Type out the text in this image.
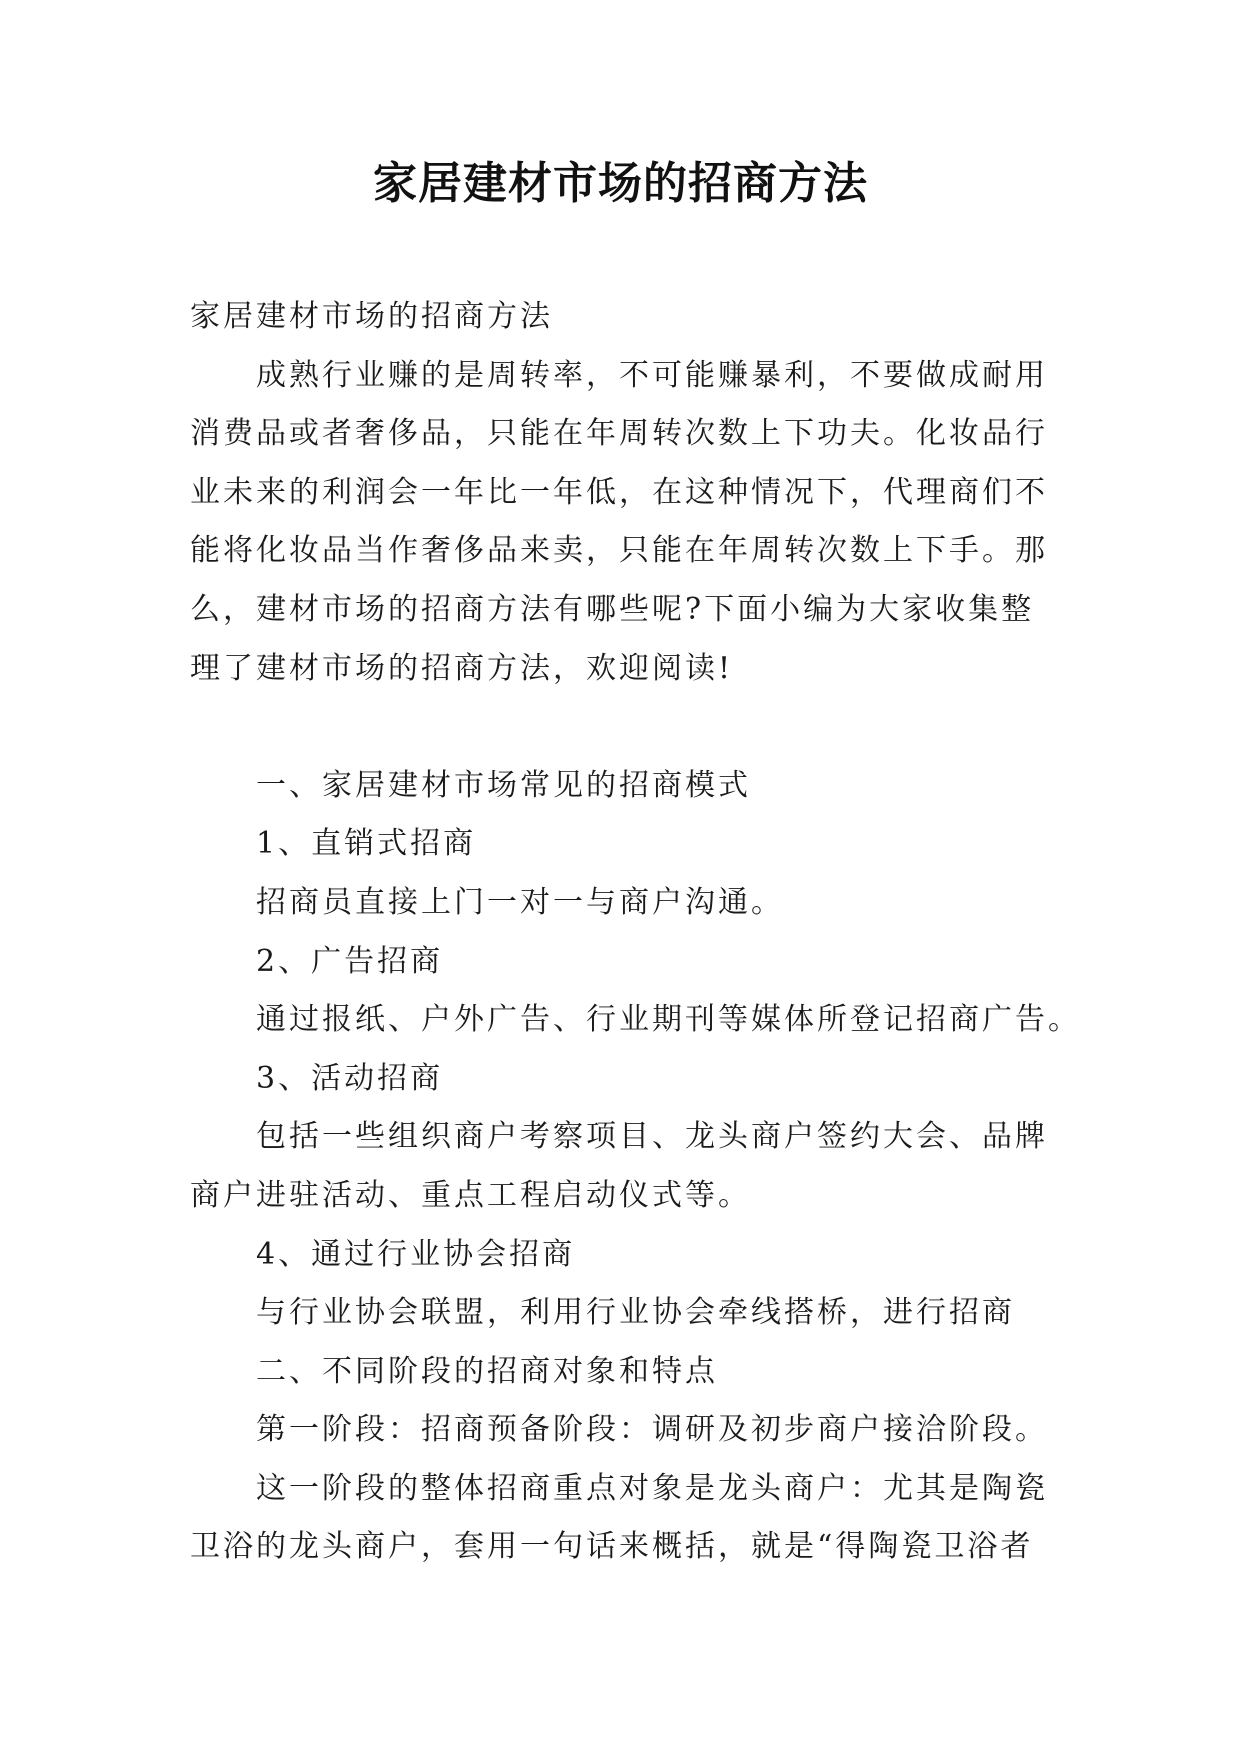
家居建材市场的招商方法
家居建材市场的招商方法
成熟行业赚的是周转率，不可能赚暴利，不要做成耐用
消费品或者奢侈品，只能在年周转次数上下功夫。化妆品行
业未来的利润会一年比一年低，在这种情况下，代理商们不
能将化妆品当作奢侈品来卖，只能在年周转次数上下手。那
么，建材市场的招商方法有哪些呢?下面小编为大家收集整
理了建材市场的招商方法，欢迎阅读!
一、家居建材市场常见的招商模式
1、直销式招商
招商员直接上门一对一与商户沟通。
2、广告招商
通过报纸、户外广告、行业期刊等媒体所登记招商广告。
3、活动招商
包括一些组织商户考察项目、龙头商户签约大会、品牌
商户进驻活动、重点工程启动仪式等。
4、通过行业协会招商
与行业协会联盟，利用行业协会牵线搭桥，进行招商
二、不同阶段的招商对象和特点
第一阶段：招商预备阶段：调研及初步商户接洽阶段。
这一阶段的整体招商重点对象是龙头商户：尤其是陶瓷
卫浴的龙头商户，套用一句话来概括，就是“得陶瓷卫浴者
